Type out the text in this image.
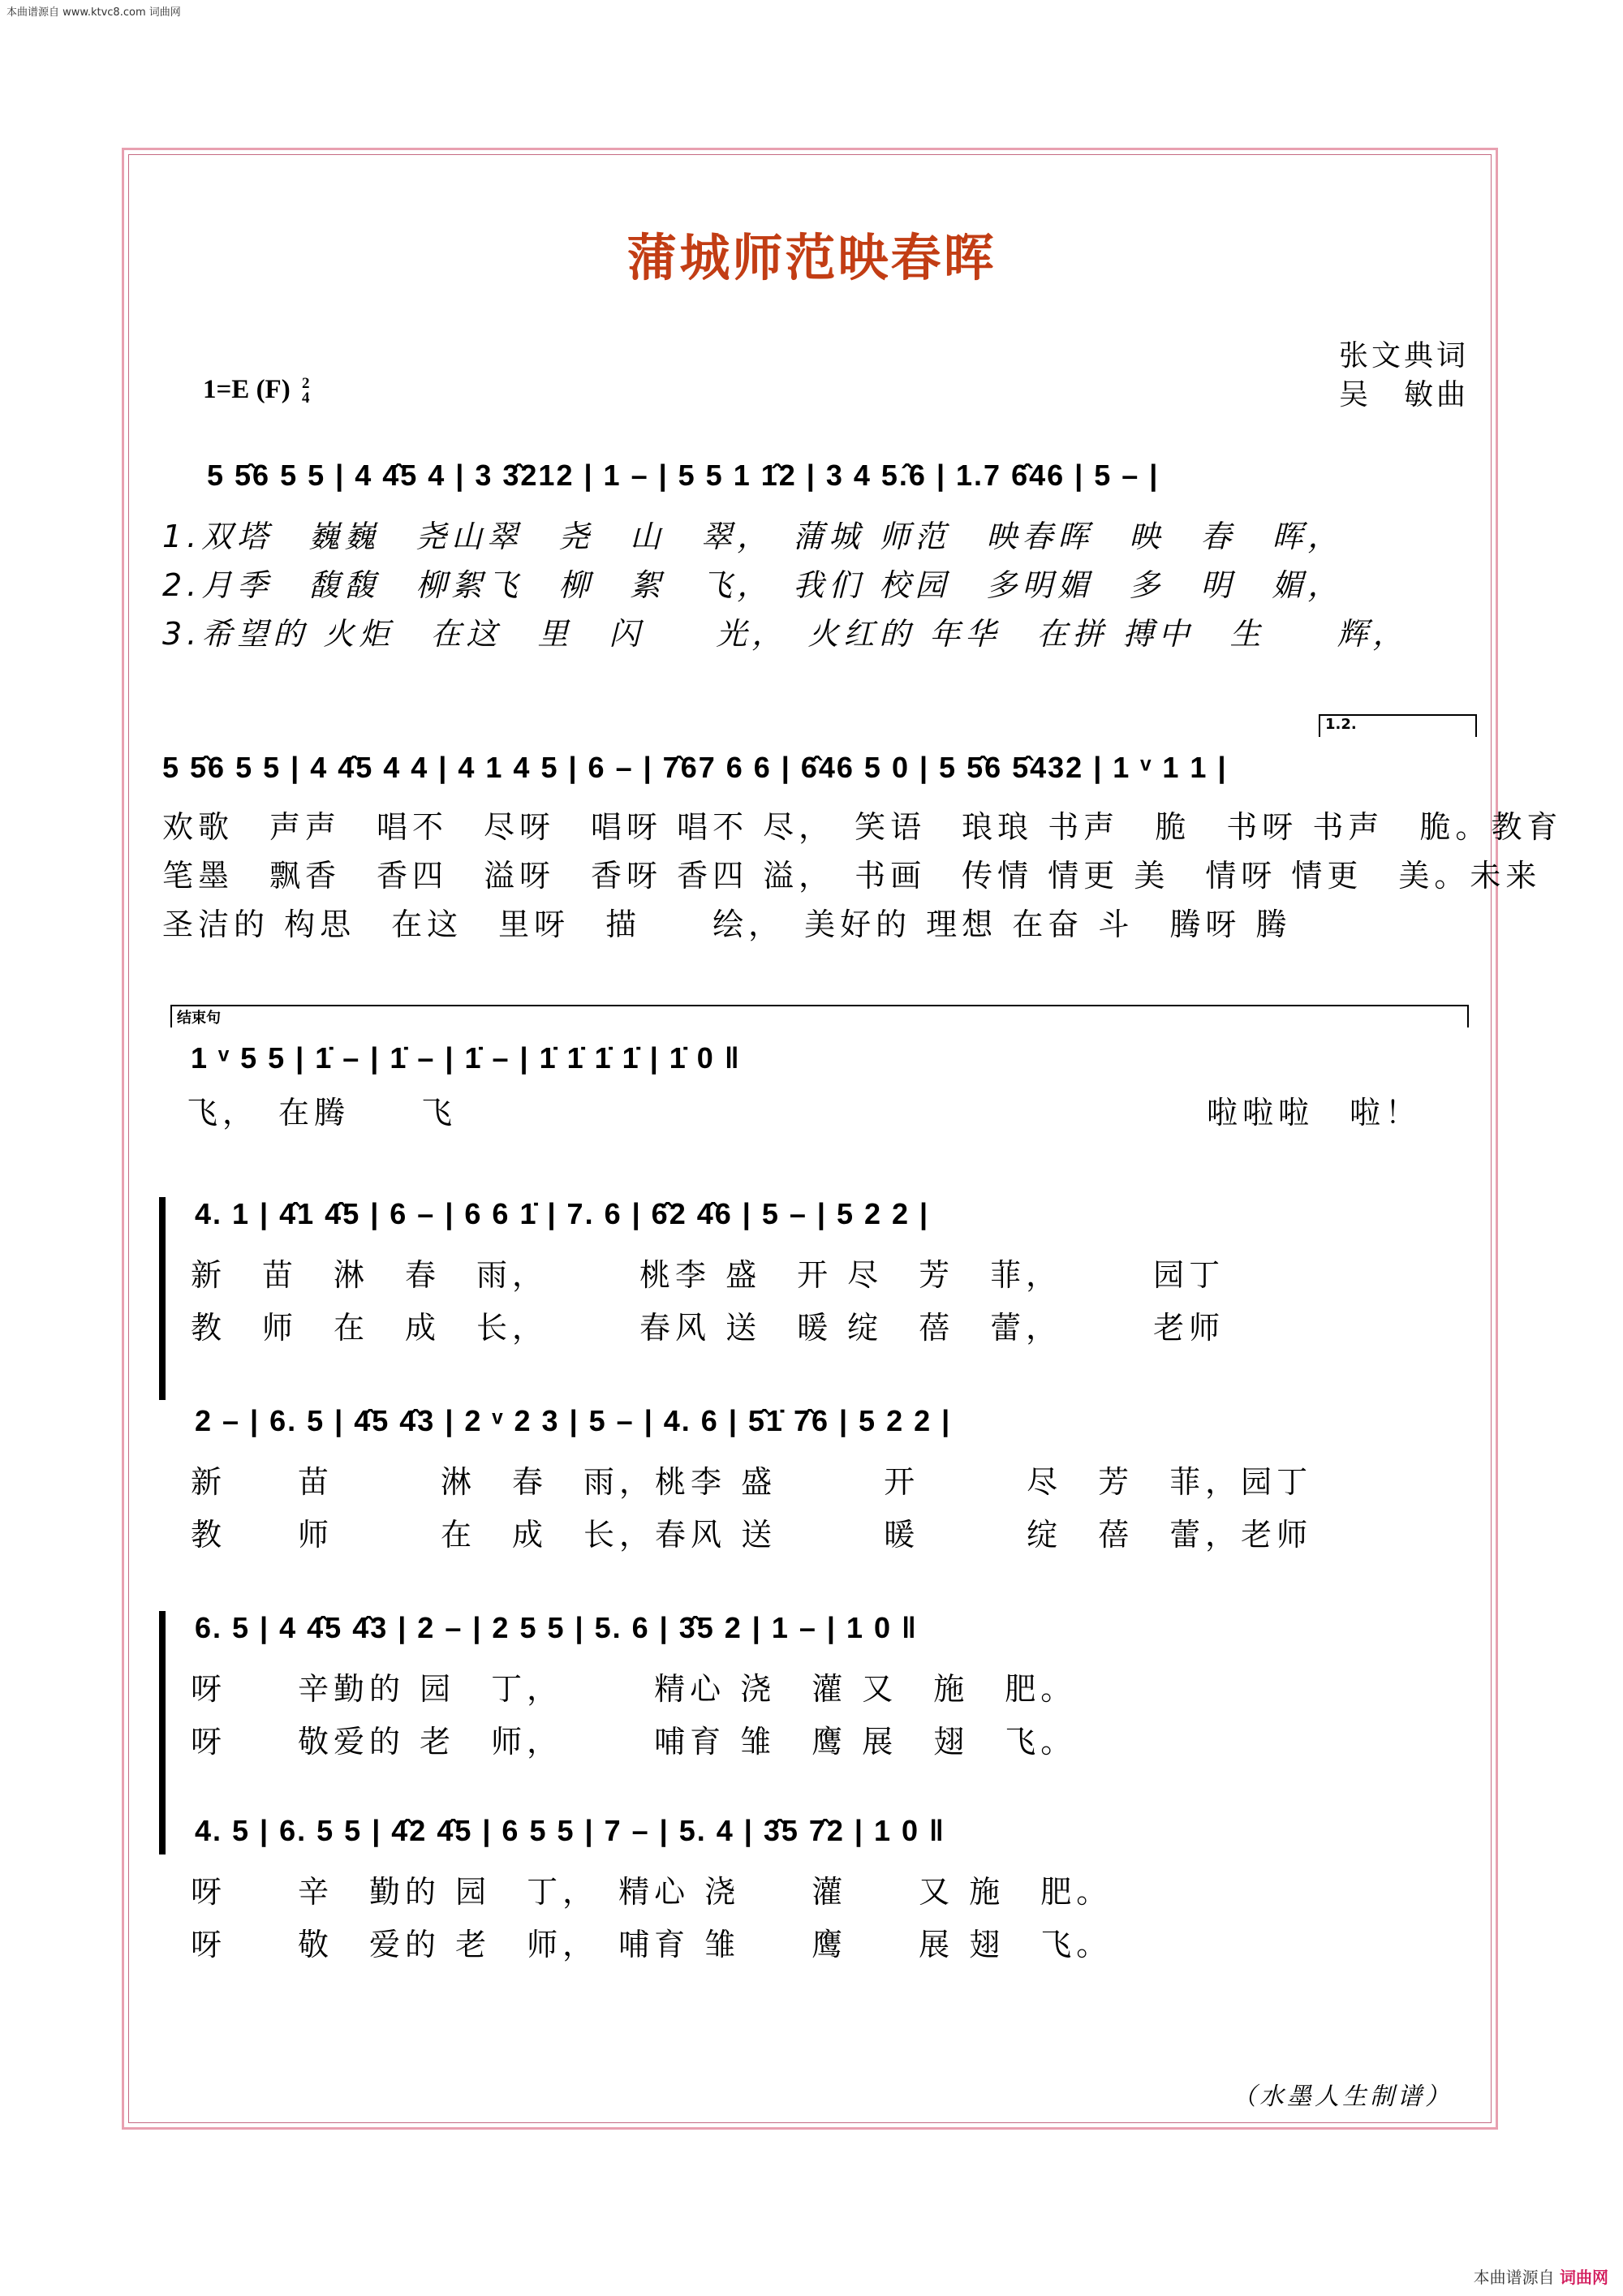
本曲谱源自 www.ktvc8.com 词曲网
蒲城师范映春晖
张文典词
吴　敏曲
1=E (F) 2
4
5 5̂6 5 5 | 4 4̂5 4 | 3 3̂212 | 1 – | 5 5 1 1̂2 | 3 4 5.̂6 | 1.7 6̂46 | 5 – |
1.双塔　巍巍　尧山翠　尧　山　翠，　蒲城 师范　映春晖　映　春　晖，
2.月季　馥馥　柳絮飞　柳　絮　飞，　我们 校园　多明媚　多　明　媚，
3.希望的 火炬　在这　里　闪　　光，　火红的 年华　在拼 搏中　生　　辉，
1.2.
5 5̂6 5 5 | 4 4̂5 4 4 | 4 1 4 5 | 6 – | 7̂67 6 6 | 6̂46 5 0 | 5 5̂6 5̂432 | 1 ᵛ 1 1 |
欢歌　声声　唱不　尽呀　唱呀 唱不 尽，　笑语　琅琅 书声　脆　书呀 书声　脆。教育
笔墨　飘香　香四　溢呀　香呀 香四 溢，　书画　传情 情更 美　情呀 情更　美。未来
圣洁的 构思　在这　里呀　描　　绘，　美好的 理想 在奋 斗　腾呀 腾
结束句
1 ᵛ 5 5 | 1̇ – | 1̇ – | 1̇ – | 1̇ 1̇ 1̇ 1̇ | 1̇ 0 ‖
飞，　在腾　　飞　　　　　　　　　　　　　　　　　　　　　啦啦啦　啦！
4. 1 | 4̂1 4̂5 | 6 – | 6 6 1̇ | 7. 6 | 6̂2 4̂6 | 5 – | 5 2 2 |
新　苗　淋　春　雨，　　　桃李 盛　开 尽　芳　菲，　　　园丁
教　师　在　成　长，　　　春风 送　暖 绽　蓓　蕾，　　　老师
2 – | 6. 5 | 4̂5 4̂3 | 2 ᵛ 2 3 | 5 – | 4. 6 | 5̂1̇ 7̂6 | 5 2 2 |
新　　苗　　　淋　春　雨，桃李 盛　　　开　　　尽　芳　菲，园丁
教　　师　　　在　成　长，春风 送　　　暖　　　绽　蓓　蕾，老师
6. 5 | 4 4̂5 4̂3 | 2 – | 2 5 5 | 5. 6 | 3̂5 2 | 1 – | 1 0 ‖
呀　　辛勤的 园　丁，　　　精心 浇　灌 又　施　肥。
呀　　敬爱的 老　师，　　　哺育 雏　鹰 展　翅　飞。
4. 5 | 6. 5 5 | 4̂2 4̂5 | 6 5 5 | 7 – | 5. 4 | 3̂5 7̂2 | 1 0 ‖
呀　　辛　勤的 园　丁，　精心 浇　　灌　　又 施　肥。
呀　　敬　爱的 老　师，　哺育 雏　　鹰　　展 翅　飞。
（水墨人生制谱）
本曲谱源自 词曲网
